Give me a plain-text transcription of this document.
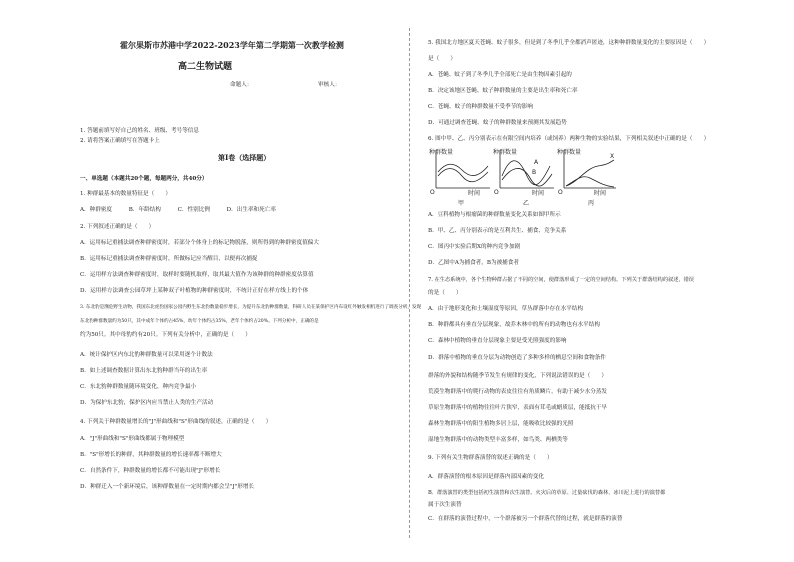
霍尔果斯市苏港中学2022-2023学年第二学期第一次教学检测
高二生物试题
命题人：	审核人：
1. 答题前填写好自己的姓名、班级、考号等信息
2. 请将答案正确填写在答题卡上
第I卷（选择题）
一、单选题（本题共20个题，每题两分，共40分）
1. 种群最基本的数量特征是（　　）
A．种群密度　　　B．年龄结构　　　C．性别比例　　　D．出生率和死亡率
2. 下列叙述正确的是（　　）
A．运用标记重捕法调查种群密度时，若部分个体身上的标记物脱落，则所得到的种群密度值偏大
B．运用标记重捕法调查种群密度时，所做标记应当醒目，以便再次捕捉
C．运用样方法调查种群密度时，取样时要随机取样，取其最大值作为该种群的种群密度估算值
D．运用样方法调查公园草坪上某种双子叶植物的种群密度时，不统计正好在样方线上的个体
3. 东北豹是濒危野生动物，我国东北虎豹国家公园内野生东北豹数量稳步增长，为提升东北豹种群数量，科研人员在某保护区内布设红外触发相机进行了调查分析，发现
东北豹种群数量约为50只，其中成年个体约占45%，幼年个体约占35%，老年个体约占20%。下列分析中，正确的是
约为50只。其中母豹约有20只。下列有关分析中，正确的是（　　）
A．统计保护区内东北豹种群数量可以采用逐个计数法
B．如上述调查数据计算出东北豹种群当年的出生率
C．东北豹种群数量随环境变化，种内竞争最小
D．为保护东北豹，保护区内应当禁止人类的生产活动
4. 下列关于种群数量增长的"J"形曲线和"S"形曲线的叙述，正确的是（　　）
A．"J"形曲线和"S"形曲线都属于物理模型
B．"S"形增长的种群，其种群数量的增长速率都不断增大
C．自然条件下，种群数量的增长都不可能出现"J"形增长
D．种群迁入一个新环境后，该种群数量在一定时期内都会呈"J"形增长
5. 我国北方地区夏天苍蝇、蚊子很多，但是到了冬季几乎全都消声匿迹，这种种群数量变化的主要原因是（　　）
是（　　）
A．苍蝇、蚊子到了冬季几乎全部死亡是由生物因素引起的
B．决定该地区苍蝇、蚊子种群数量的主要是出生率和死亡率
C．苍蝇、蚊子的种群数量不受季节的影响
D．可通过调查苍蝇、蚊子的种群数量来预测其发展趋势
6. 图中甲、乙、丙分别表示在有限空间内培养（或饲养）两种生物的实验结果，下列相关叙述中正确的是（　　）
种群数量
O	时间
甲
种群数量
O	时间
A
B
乙
种群数量
O	时间
X
丙
A．豆科植物与根瘤菌的种群数量变化关系如图甲所示
B．甲、乙、丙分别表示的是互利共生、捕食、竞争关系
C．图丙中实验后期X的种内竞争加剧
D．乙图中A为捕食者，B为被捕食者
7. 在生态系统中，各个生物种群占据了不同的空间，使群落形成了一定的空间结构。下列关于群落结构的叙述，错误
的是（　　）
A．由于地形变化和土壤湿度等原因，草丛群落中存在水平结构
B．种群都具有垂直分层现象，故乔木林中的所有的动物也有水平结构
C．森林中植物的垂直分层现象主要是受光照强度的影响
D．群落中植物的垂直分层为动物创造了多种多样的栖息空间和食物条件
群落的外貌和结构随季节发生有规律的变化，下列说法错误的是（　　）
荒漠生物群落中的爬行动物的表皮往往有角质鳞片，有助于减少水分蒸发
草原生物群落中的植物往往叶片狭窄，表面有茸毛或蜡质层，能抵抗干旱
森林生物群落中的阳生植物多居上层，能吸收比较强的光照
湿地生物群落中的动物类型丰富多样，如鸟类、两栖类等
9. 下列有关生物群落演替的叙述正确的是（　　）
A．群落演替的根本原因是群落内部因素的变化
B．群落演替的类型包括初生演替和次生演替。火灾后的草原、过量砍伐的森林、冰川泥上进行的演替都
属于次生演替
C．在群落的演替过程中，一个群落被另一个群落代替的过程，就是群落的演替
